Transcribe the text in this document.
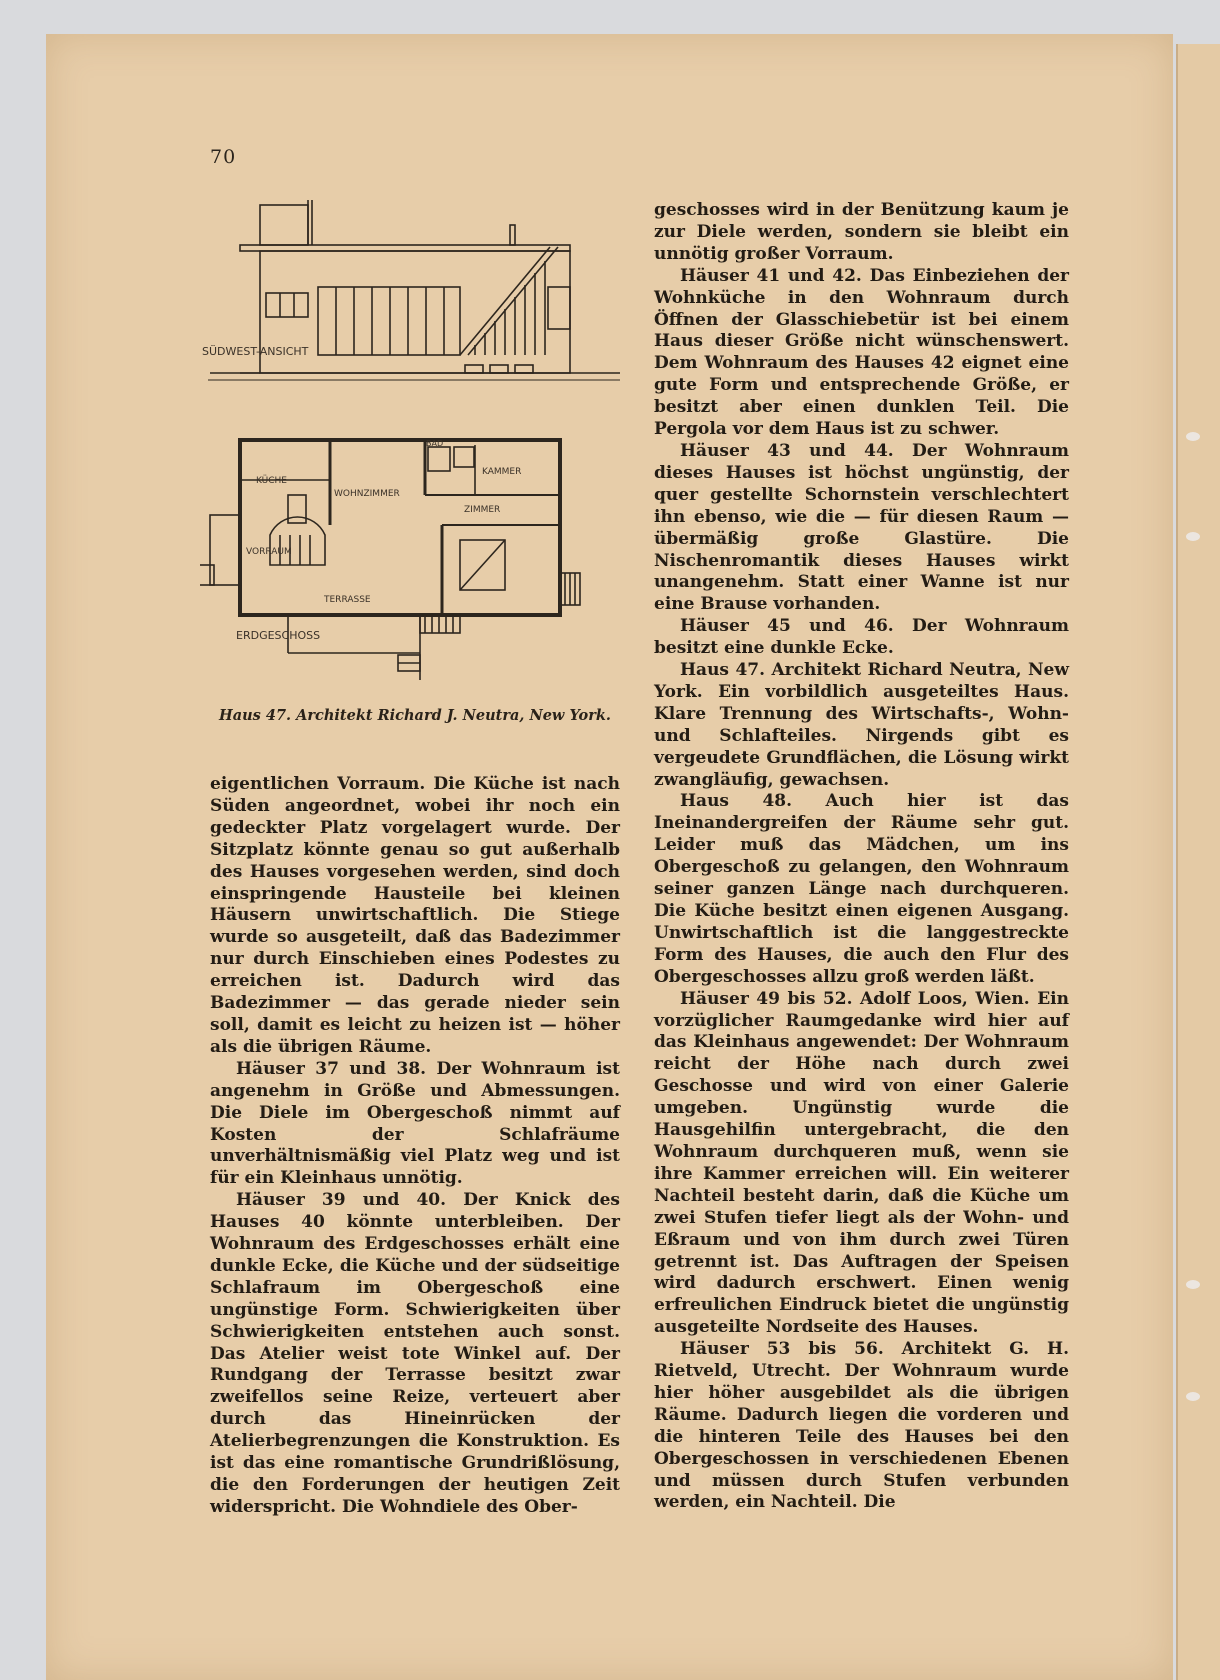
70
SÜDWEST-ANSICHT
KÜCHE
BAD
KAMMER
WOHNZIMMER
ZIMMER
VORRAUM
TERRASSE
ERDGESCHOSS
Haus 47. Architekt Richard J. Neutra, New York.

eigentlichen Vorraum. Die Küche ist nach Süden angeordnet, wobei ihr noch ein gedeckter Platz vorgelagert wurde. Der Sitzplatz könnte genau so gut außerhalb des Hauses vorgesehen werden, sind doch einspringende Hausteile bei kleinen Häusern unwirtschaftlich. Die Stiege wurde so ausgeteilt, daß das Badezimmer nur durch Einschieben eines Podestes zu erreichen ist. Dadurch wird das Badezimmer — das gerade nieder sein soll, damit es leicht zu heizen ist — höher als die übrigen Räume.

Häuser 37 und 38. Der Wohnraum ist angenehm in Größe und Abmessungen. Die Diele im Obergeschoß nimmt auf Kosten der Schlafräume unverhältnismäßig viel Platz weg und ist für ein Kleinhaus unnötig.

Häuser 39 und 40. Der Knick des Hauses 40 könnte unterbleiben. Der Wohnraum des Erdgeschosses erhält eine dunkle Ecke, die Küche und der südseitige Schlafraum im Obergeschoß eine ungünstige Form. Schwierigkeiten über Schwierigkeiten entstehen auch sonst. Das Atelier weist tote Winkel auf. Der Rundgang der Terrasse besitzt zwar zweifellos seine Reize, verteuert aber durch das Hineinrücken der Atelierbegrenzungen die Konstruktion. Es ist das eine romantische Grundrißlösung, die den Forderungen der heutigen Zeit widerspricht. Die Wohndiele des Ober-

geschosses wird in der Benützung kaum je zur Diele werden, sondern sie bleibt ein unnötig großer Vorraum.

Häuser 41 und 42. Das Einbeziehen der Wohnküche in den Wohnraum durch Öffnen der Glasschiebetür ist bei einem Haus dieser Größe nicht wünschenswert. Dem Wohnraum des Hauses 42 eignet eine gute Form und entsprechende Größe, er besitzt aber einen dunklen Teil. Die Pergola vor dem Haus ist zu schwer.

Häuser 43 und 44. Der Wohnraum dieses Hauses ist höchst ungünstig, der quer gestellte Schornstein verschlechtert ihn ebenso, wie die — für diesen Raum — übermäßig große Glastüre. Die Nischenromantik dieses Hauses wirkt unangenehm. Statt einer Wanne ist nur eine Brause vorhanden.

Häuser 45 und 46. Der Wohnraum besitzt eine dunkle Ecke.

Haus 47. Architekt Richard Neutra, New York. Ein vorbildlich ausgeteiltes Haus. Klare Trennung des Wirtschafts-, Wohn- und Schlafteiles. Nirgends gibt es vergeudete Grundflächen, die Lösung wirkt zwangläufig, gewachsen.

Haus 48. Auch hier ist das Ineinandergreifen der Räume sehr gut. Leider muß das Mädchen, um ins Obergeschoß zu gelangen, den Wohnraum seiner ganzen Länge nach durchqueren. Die Küche besitzt einen eigenen Ausgang. Unwirtschaftlich ist die langgestreckte Form des Hauses, die auch den Flur des Obergeschosses allzu groß werden läßt.

Häuser 49 bis 52. Adolf Loos, Wien. Ein vorzüglicher Raumgedanke wird hier auf das Kleinhaus angewendet: Der Wohnraum reicht der Höhe nach durch zwei Geschosse und wird von einer Galerie umgeben. Ungünstig wurde die Hausgehilfin untergebracht, die den Wohnraum durchqueren muß, wenn sie ihre Kammer erreichen will. Ein weiterer Nachteil besteht darin, daß die Küche um zwei Stufen tiefer liegt als der Wohn- und Eßraum und von ihm durch zwei Türen getrennt ist. Das Auftragen der Speisen wird dadurch erschwert. Einen wenig erfreulichen Eindruck bietet die ungünstig ausgeteilte Nordseite des Hauses.

Häuser 53 bis 56. Architekt G. H. Rietveld, Utrecht. Der Wohnraum wurde hier höher ausgebildet als die übrigen Räume. Dadurch liegen die vorderen und die hinteren Teile des Hauses bei den Obergeschossen in verschiedenen Ebenen und müssen durch Stufen verbunden werden, ein Nachteil. Die
